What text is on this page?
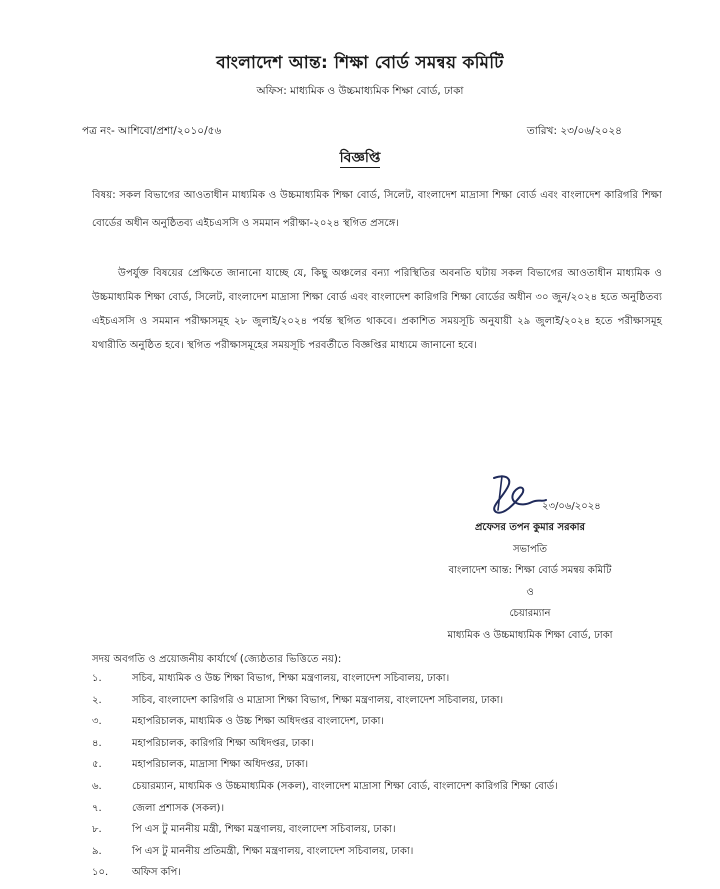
বাংলাদেশ আন্ত: শিক্ষা বোর্ড সমন্বয় কমিটি
অফিস: মাধ্যমিক ও উচ্চমাধ্যমিক শিক্ষা বোর্ড, ঢাকা
পত্র নং- আশিবো/প্রশা/২০১০/৫৬	তারিখ: ২৩/০৬/২০২৪
বিজ্ঞপ্তি
বিষয়: সকল বিভাগের আওতাধীন মাধ্যমিক ও উচ্চমাধ্যমিক শিক্ষা বোর্ড, সিলেট, বাংলাদেশ মাদ্রাসা শিক্ষা বোর্ড এবং বাংলাদেশ কারিগরি শিক্ষা বোর্ডের অধীন অনুষ্ঠিতব্য এইচএসসি ও সমমান পরীক্ষা-২০২৪ স্থগিত প্রসঙ্গে।
উপর্যুক্ত বিষয়ের প্রেক্ষিতে জানানো যাচ্ছে যে, কিছু অঞ্চলের বন্যা পরিস্থিতির অবনতি ঘটায় সকল বিভাগের আওতাধীন মাধ্যমিক ও উচ্চমাধ্যমিক শিক্ষা বোর্ড, সিলেট, বাংলাদেশ মাদ্রাসা শিক্ষা বোর্ড এবং বাংলাদেশ কারিগরি শিক্ষা বোর্ডের অধীন ৩০ জুন/২০২৪ হতে অনুষ্ঠিতব্য এইচএসসি ও সমমান পরীক্ষাসমূহ ২৮ জুলাই/২০২৪ পর্যন্ত স্থগিত থাকবে। প্রকাশিত সময়সূচি অনুযায়ী ২৯ জুলাই/২০২৪ হতে পরীক্ষাসমূহ যথারীতি অনুষ্ঠিত হবে। স্থগিত পরীক্ষাসমূহের সময়সূচি পরবর্তীতে বিজ্ঞপ্তির মাধ্যমে জানানো হবে।
২৩/০৬/২০২৪
প্রফেসর তপন কুমার সরকার
সভাপতি
বাংলাদেশ আন্ত: শিক্ষা বোর্ড সমন্বয় কমিটি
ও
চেয়ারম্যান
মাধ্যমিক ও উচ্চমাধ্যমিক শিক্ষা বোর্ড, ঢাকা
সদয় অবগতি ও প্রয়োজনীয় কার্যার্থে (জ্যেষ্ঠতার ভিত্তিতে নয়):
১.	সচিব, মাধ্যমিক ও উচ্চ শিক্ষা বিভাগ, শিক্ষা মন্ত্রণালয়, বাংলাদেশ সচিবালয়, ঢাকা।
২.	সচিব, বাংলাদেশ কারিগরি ও মাদ্রাসা শিক্ষা বিভাগ, শিক্ষা মন্ত্রণালয়, বাংলাদেশ সচিবালয়, ঢাকা।
৩.	মহাপরিচালক, মাধ্যমিক ও উচ্চ শিক্ষা অধিদপ্তর বাংলাদেশ, ঢাকা।
৪.	মহাপরিচালক, কারিগরি শিক্ষা অধিদপ্তর, ঢাকা।
৫.	মহাপরিচালক, মাদ্রাসা শিক্ষা অধিদপ্তর, ঢাকা।
৬.	চেয়ারম্যান, মাধ্যমিক ও উচ্চমাধ্যমিক (সকল), বাংলাদেশ মাদ্রাসা শিক্ষা বোর্ড, বাংলাদেশ কারিগরি শিক্ষা বোর্ড।
৭.	জেলা প্রশাসক (সকল)।
৮.	পি এস টু মাননীয় মন্ত্রী, শিক্ষা মন্ত্রণালয়, বাংলাদেশ সচিবালয়, ঢাকা।
৯.	পি এস টু মাননীয় প্রতিমন্ত্রী, শিক্ষা মন্ত্রণালয়, বাংলাদেশ সচিবালয়, ঢাকা।
১০.	অফিস কপি।
